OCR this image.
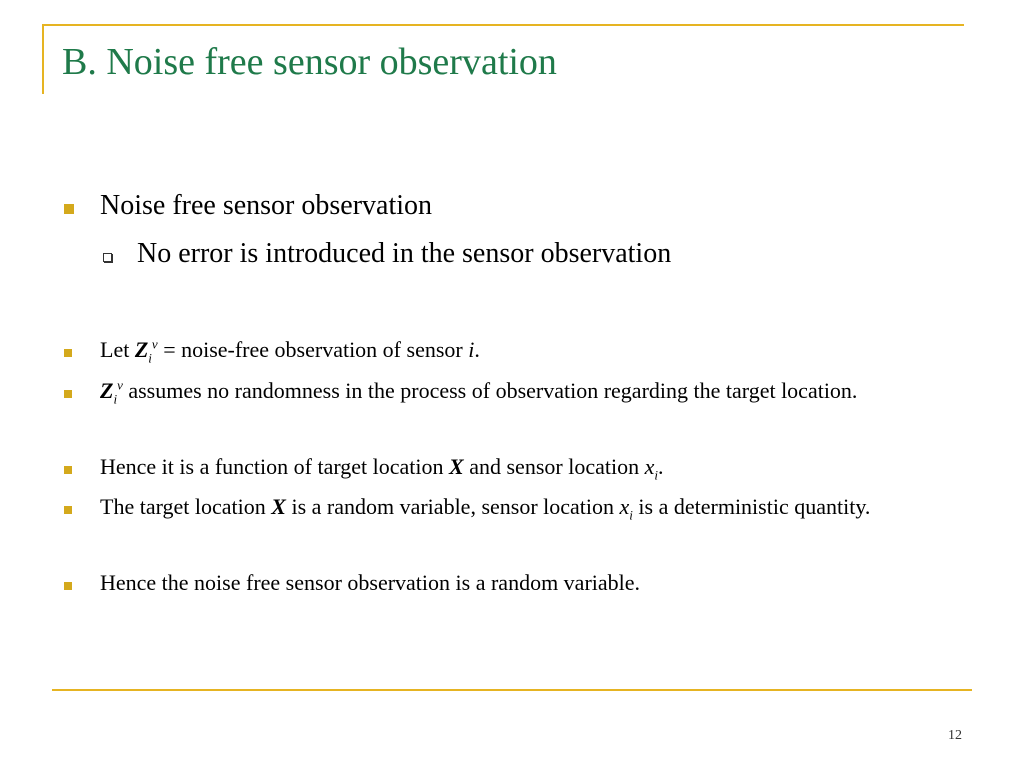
B. Noise free sensor observation
Noise free sensor observation
No error is introduced in the sensor observation
Let $Z_i^v$ = noise-free observation of sensor i.
$Z_i^v$ assumes no randomness in the process of observation regarding the target location.
Hence it is a function of target location X and sensor location $x_i$.
The target location X is a random variable, sensor location $x_i$ is a deterministic quantity.
Hence the noise free sensor observation is a random variable.
12
